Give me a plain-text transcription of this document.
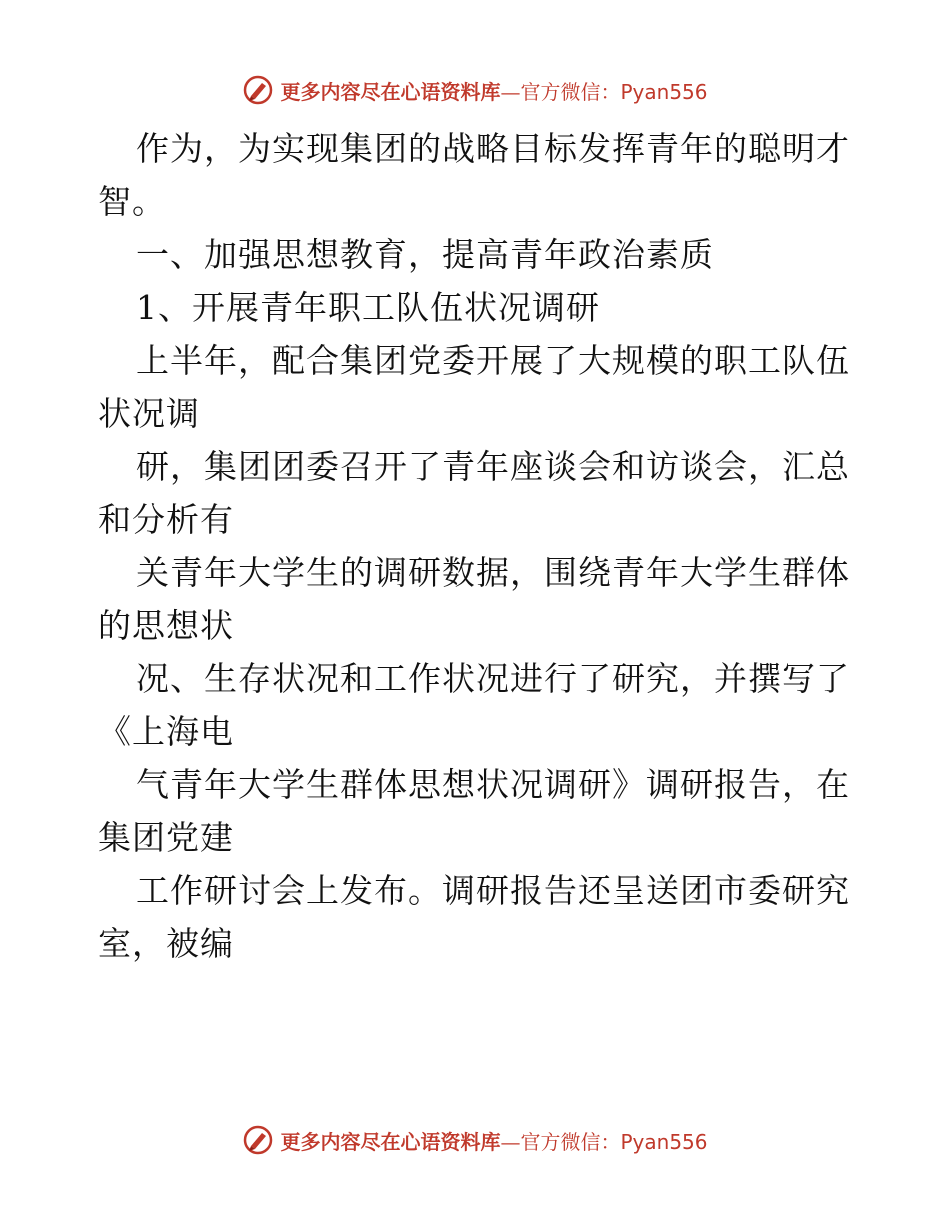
更多内容尽在心语资料库—官方微信：Pyan556
作为，为实现集团的战略目标发挥青年的聪明才
智。
一、加强思想教育，提高青年政治素质
1、开展青年职工队伍状况调研
上半年，配合集团党委开展了大规模的职工队伍
状况调
研，集团团委召开了青年座谈会和访谈会，汇总
和分析有
关青年大学生的调研数据，围绕青年大学生群体
的思想状
况、生存状况和工作状况进行了研究，并撰写了
《上海电
气青年大学生群体思想状况调研》调研报告，在
集团党建
工作研讨会上发布。调研报告还呈送团市委研究
室，被编
更多内容尽在心语资料库—官方微信：Pyan556
